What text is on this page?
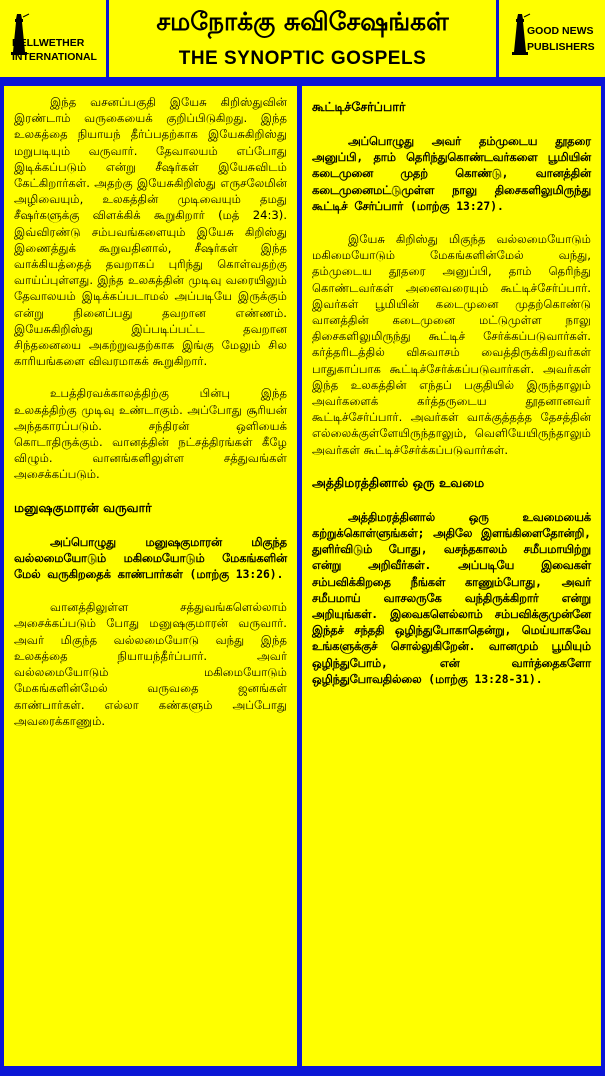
BELLWETHER
INTERNATIONAL
சமநோக்கு சுவிசேஷங்கள்
THE SYNOPTIC GOSPELS
GOOD NEWS
PUBLISHERS

இந்த வசனப்பகுதி இயேசு கிறிஸ்துவின் இரண்டாம் வருகையைக் குறிப்பிடுகிறது. இந்த உலகத்தை நியாயந் தீர்ப்பதற்காக இயேசுகிறிஸ்து மறுபடியும் வருவார். தேவாலயம் எப்போது இடிக்கப்படும் என்று சீஷர்கள் இயேசுவிடம் கேட்கிறார்கள். அதற்கு இயேசுகிறிஸ்து எருசலேமின் அழிவையும், உலகத்தின் முடிவையும் தமது சீஷர்களுக்கு விளக்கிக் கூறுகிறார் (மத் 24:3). இவ்விரண்டு சம்பவங்களையும் இயேசு கிறிஸ்து இணைத்துக் கூறுவதினால், சீஷர்கள் இந்த வாக்கியத்தைத் தவறாகப் புரிந்து கொள்வதற்கு வாய்ப்புள்ளது. இந்த உலகத்தின் முடிவு வரையிலும் தேவாலயம் இடிக்கப்படாமல் அப்படியே இருக்கும் என்று நினைப்பது தவறான எண்ணம். இயேசுகிறிஸ்து இப்படிப்பட்ட தவறான சிந்தனையை அகற்றுவதற்காக இங்கு மேலும் சில காரியங்களை விவரமாகக் கூறுகிறார்.

உபத்திரவக்காலத்திற்கு பின்பு இந்த உலகத்திற்கு முடிவு உண்டாகும். அப்போது சூரியன் அந்தகாரப்படும். சந்திரன் ஒளியைக் கொடாதிருக்கும். வானத்தின் நட்சத்திரங்கள் கீழே விழும். வானங்களிலுள்ள சத்துவங்கள் அசைக்கப்படும்.

மனுஷகுமாரன் வருவார்

அப்பொழுது மனுஷகுமாரன் மிகுந்த வல்லமையோடும் மகிமையோடும் மேகங்களின் மேல் வருகிறதைக் காண்பார்கள் (மாற்கு 13:26).

வானத்திலுள்ள சத்துவங்களெல்லாம் அசைக்கப்படும் போது மனுஷகுமாரன் வருவார். அவர் மிகுந்த வல்லமையோடு வந்து இந்த உலகத்தை நியாயந்தீர்ப்பார். அவர் வல்லமையோடும் மகிமையோடும் மேகங்களின்மேல் வருவதை ஜனங்கள் காண்பார்கள். எல்லா கண்களும் அப்போது அவரைக்காணும்.

கூட்டிச்சேர்ப்பார்

அப்பொழுது அவர் தம்முடைய தூதரை அனுப்பி, தாம் தெரிந்துகொண்டவர்களை பூமியின் கடைமுனை முதற் கொண்டு, வானத்தின் கடைமுனைமட்டுமுள்ள நாலு திசைகளிலுமிருந்து கூட்டிச் சேர்ப்பார் (மாற்கு 13:27).

இயேசு கிறிஸ்து மிகுந்த வல்லமையோடும் மகிமையோடும் மேகங்களின்மேல் வந்து, தம்முடைய தூதரை அனுப்பி, தாம் தெரிந்து கொண்டவர்கள் அனைவரையும் கூட்டிச்சேர்ப்பார். இவர்கள் பூமியின் கடைமுனை முதற்கொண்டு வானத்தின் கடைமுனை மட்டுமுள்ள நாலு திசைகளிலுமிருந்து கூட்டிச் சேர்க்கப்படுவார்கள். கர்த்தரிடத்தில் விசுவாசம் வைத்திருக்கிறவர்கள் பாதுகாப்பாக கூட்டிச்சேர்க்கப்படுவார்கள். அவர்கள் இந்த உலகத்தின் எந்தப் பகுதியில் இருந்தாலும் அவர்களைக் கர்த்தருடைய தூதனானவர் கூட்டிச்சேர்ப்பார். அவர்கள் வாக்குத்தத்த தேசத்தின் எல்லைக்குள்ளேயிருந்தாலும், வெளியேயிருந்தாலும் அவர்கள் கூட்டிச்சேர்க்கப்படுவார்கள்.

அத்திமரத்தினால் ஒரு உவமை

அத்திமரத்தினால் ஒரு உவமையைக் கற்றுக்கொள்ளுங்கள்; அதிலே இளங்கிளைதோன்றி, துளிர்விடும் போது, வசந்தகாலம் சமீபமாயிற்று என்று அறிவீர்கள். அப்படியே இவைகள் சம்பவிக்கிறதை நீங்கள் காணும்போது, அவர் சமீபமாய் வாசலருகே வந்திருக்கிறார் என்று அறியுங்கள். இவைகளெல்லாம் சம்பவிக்குமுன்னே இந்தச் சந்ததி ஒழிந்துபோகாதென்று, மெய்யாகவே உங்களுக்குச் சொல்லுகிறேன். வானமும் பூமியும் ஒழிந்துபோம், என் வார்த்தைகளோ ஒழிந்துபோவதில்லை (மாற்கு 13:28-31).
